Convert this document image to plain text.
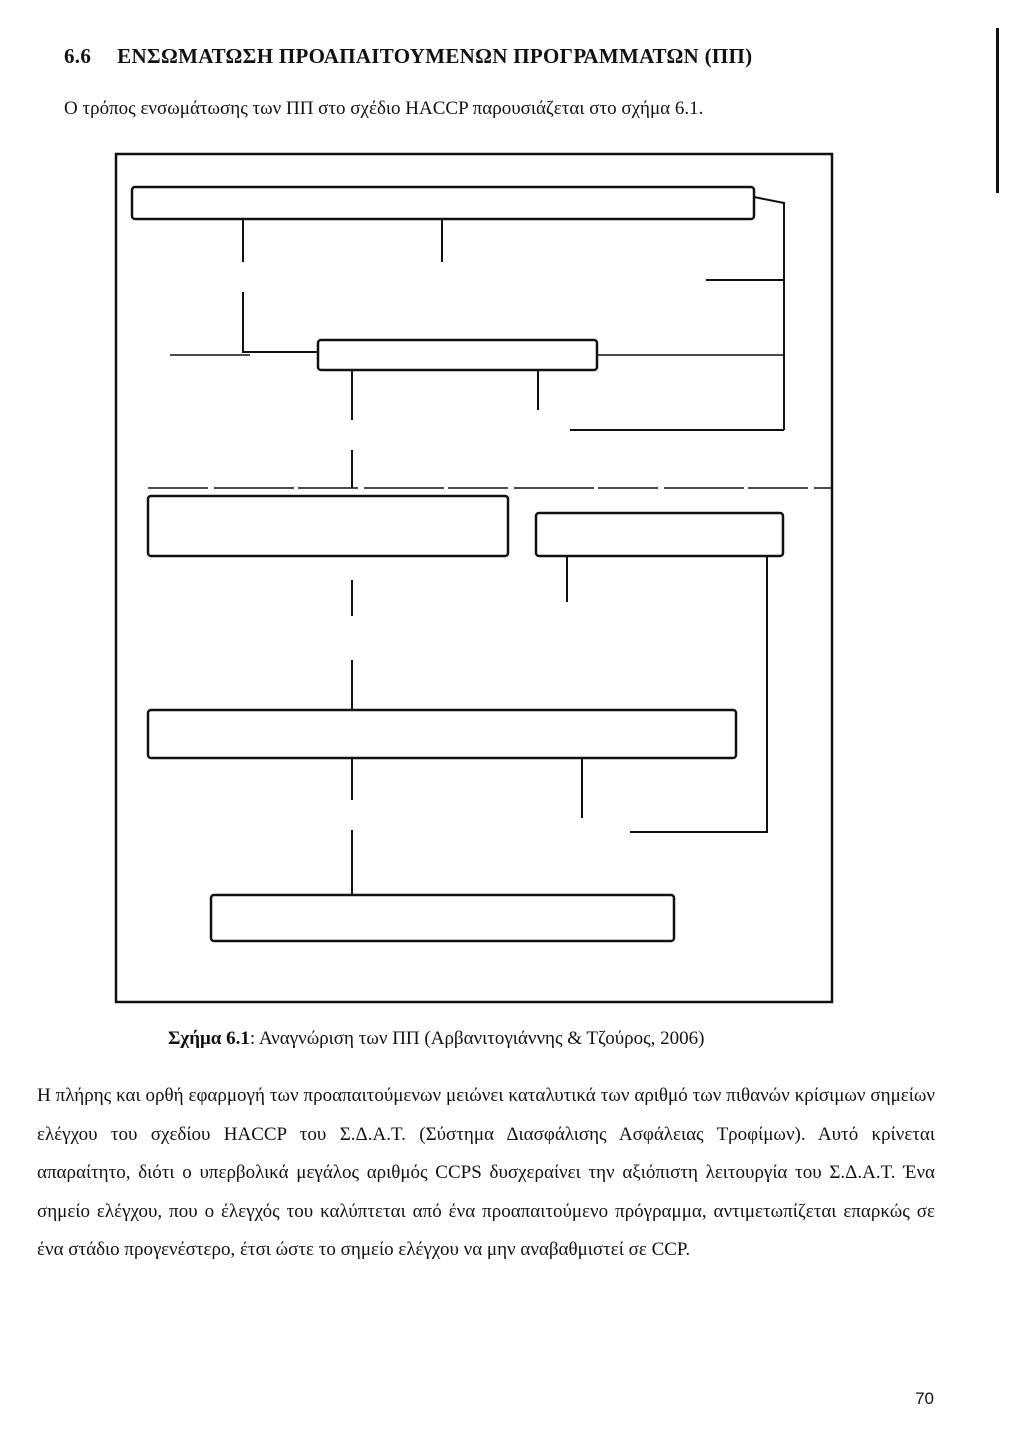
6.6 ΕΝΣΩΜΑΤΩΣΗ ΠΡΟΑΠΑΙΤΟΥΜΕΝΩΝ ΠΡΟΓΡΑΜΜΑΤΩΝ (ΠΠ)
Ο τρόπος ενσωμάτωσης των ΠΠ στο σχέδιο HACCP παρουσιάζεται στο σχήμα 6.1.
Σχήμα 6.1: Αναγνώριση των ΠΠ (Αρβανιτογιάννης & Τζούρος, 2006)
Η πλήρης και ορθή εφαρμογή των προαπαιτούμενων μειώνει καταλυτικά των αριθμό των πιθανών κρίσιμων σημείων ελέγχου του σχεδίου HACCP του Σ.Δ.Α.Τ. (Σύστημα Διασφάλισης Ασφάλειας Τροφίμων). Αυτό κρίνεται απαραίτητο, διότι ο υπερβολικά μεγάλος αριθμός CCPS δυσχεραίνει την αξιόπιστη λειτουργία του Σ.Δ.Α.Τ. Ένα σημείο ελέγχου, που ο έλεγχός του καλύπτεται από ένα προαπαιτούμενο πρόγραμμα, αντιμετωπίζεται επαρκώς σε ένα στάδιο προγενέστερο, έτσι ώστε το σημείο ελέγχου να μην αναβαθμιστεί σε CCP.
70
